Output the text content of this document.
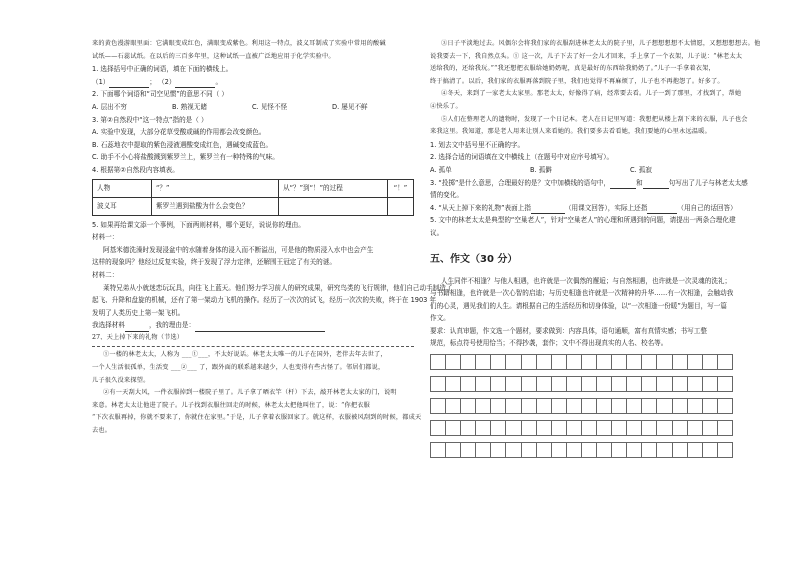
来的黄色漫游眼里面：它满眼变成红色，满眼变成紫色。利用这一特点，波义耳制成了实验中常用的酸碱

试纸——石蕊试纸。在以后的三百多年里，这种试纸一直被广泛地应用于化学实验中。

1. 选择括号中正确的词语，填在下面的横线上。

（1）	； （2）	。

2. 下面哪个词语和“司空见惯”的意思不同（ ）

A. 层出不穷	B. 熟视无睹	C. 见怪不怪	D. 屡见不鲜

3. 第②自然段中“这一特点”指的是（ ）

A. 实验中发现，大部分花草受酸或碱的作用都会改变颜色。

B. 石蕊地衣中提取的紫色浸液遇酸变成红色，遇碱变成蓝色。

C. 助手不小心将盐酸溅到紫罗兰上，紫罗兰有一种特殊的气味。

4. 根据第②自然段内容填表。

人物	“？”	从“？”到“！”的过程	“！”
波义耳	紫罗兰遇到盐酸为什么会变色？		

5. 如果再给课文添一个事例，下面两则材料，哪个更好，说说你的理由。

材料一：

阿基米德洗澡时发现浸盆中的水随着身体的浸入而不断溢出，可是他的物质浸入水中也会产生

这样的现象吗？他经过反复实验，终于发现了浮力定律，还解围王冠定了有关的谜。

材料二：

莱特兄弟从小就迷恋玩玩具，向往飞上蓝天。他们努力学习前人的研究成果，研究鸟类的飞行规律，他们自己动手制造了

起飞、升降和盘旋的机械，还有了第一架动力飞机的操作。经历了一次次的试飞，经历一次次的失败，终于在 1903 年

发明了人类历史上第一架飞机。

我选择材料	，我的理由是：

27、天上掉下来的礼物（节选）

①一楼的林老太太，人称为 ___①___，不太好说话。林老太太唯一的儿子在国外，老伴去年去世了，

一个人生活很孤单，生活变 ___②___ 了，跟外面的联系越来越少，人也变得有些古怪了。邻居们都说，

儿子很久没来探望。

②有一天刮大风，一件衣服掉到一楼院子里了。儿子拿了晒衣竿（杆）下去，敲开林老太太家的门，说明

来意。林老太太让他进了院子。儿子找到衣服往回走的时候，林老太太把他叫住了，说：“你把衣服

“下次衣服再掉，你就不要来了，你就住在家里。”于是，儿子拿着衣服回家了。就这样，衣服被风刮到的时候，都成天

去也。

③日子平淡地过去。风偶尔会将我们家的衣服刮进林老太太的院子里，儿子想想想想不太情愿，又想想想想去。他

说我要去一下，我自然点头。① 这一次，儿子下去了好一会儿才回来，手上拿了一个衣架，儿子说：“林老太太

送给我的，还给我玩。”“我还想把衣服给她奶奶呢，真是最好的东西给我奶奶了。”儿子一手拿着衣架，

终于搞清了。以后，我们家的衣服再落到院子里，我们也觉得不再麻烦了，儿子也不再抱怨了。好多了。

④冬天，来到了一家老太太家里。那老太太，好像得了病，经常要去看。儿子一到了那里，才找到了，帮她

④快乐了。

⑤人们在整理老人的遗物时，发现了一个日记本。老人在日记里写道：我想把从楼上刮下来的衣服，儿子也会

来我这里。我知道，那是老人用来让别人来看她的。我们要多去看看她，我们要她的心里永远温暖。

1. 划去文中括号里不正确的字。

2. 选择合适的词语填在文中横线上（在题号中对应序号填写）。

A. 孤单	B. 孤僻	C. 孤寂

3. “投掷”是什么意思，合理最好的是？文中加横线的语句中，	和	句写出了儿子与林老太太感

情的变化。

4. “从天上掉下来的礼物”表面上指	（用课文回答），实际上还指	（用自己的话回答）

5. 文中的林老太太是典型的“空巢老人”，针对“空巢老人”的心理和所遇到的问题，请提出一两条合理化建

议。

五、作文（30 分）

人生同伴不相逢？与他人相遇，也许就是一次偶然的邂逅；与自然相遇，也许就是一次灵魂的洗礼；

与书籍相逢，也许就是一次心智的启迪；与历史相逢也许就是一次精神的升华……有一次相逢，会触动我

们的心灵，遇见我们的人生。请根据自己的生活经历和切身体验，以“一次相逢一份暖”为题目，写一篇

作文。

要求：认真审题，作文选一个题材，要求做到：内容具体，语句通顺，富有真情实感；书写工整

规范，标点符号使用恰当；不得抄袭，套作；文中不得出现真实的人名、校名等。
